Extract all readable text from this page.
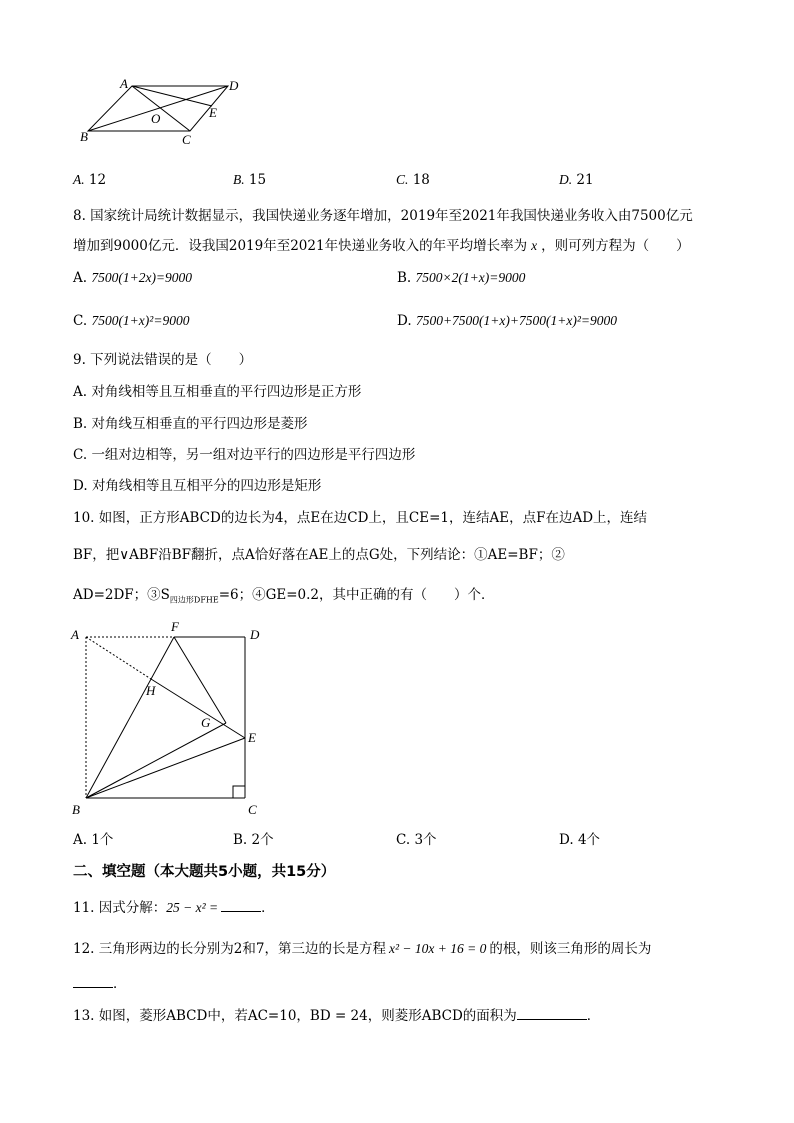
A	D
O	E
B	C
A. 12	B. 15	C. 18	D. 21
8. 国家统计局统计数据显示，我国快递业务逐年增加，2019年至2021年我国快递业务收入由7500亿元
增加到9000亿元．设我国2019年至2021年快递业务收入的年平均增长率为 x ，则可列方程为（　　）
A. 7500(1+2x)=9000	B. 7500×2(1+x)=9000
C. 7500(1+x)²=9000	D. 7500+7500(1+x)+7500(1+x)²=9000
9. 下列说法错误的是（　　）
A. 对角线相等且互相垂直的平行四边形是正方形
B. 对角线互相垂直的平行四边形是菱形
C. 一组对边相等，另一组对边平行的四边形是平行四边形
D. 对角线相等且互相平分的四边形是矩形
10. 如图，正方形ABCD的边长为4，点E在边CD上，且CE=1，连结AE，点F在边AD上，连结
BF，把∨ABF沿BF翻折，点A恰好落在AE上的点G处，下列结论：①AE=BF；②
AD=2DF；$③S_{四边形DFHE}=6$；④GE=0.2，其中正确的有（　　）个．
A
F
D
H
G
E
B	C
A. 1个	B. 2个	C. 3个	D. 4个
二、填空题（本大题共5小题，共15分）
11. 因式分解：25 − x² =	．
12. 三角形两边的长分别为2和7，第三边的长是方程 x² − 10x + 16 = 0 的根，则该三角形的周长为
．
13. 如图，菱形ABCD中，若AC=10，BD = 24，则菱形ABCD的面积为	．
